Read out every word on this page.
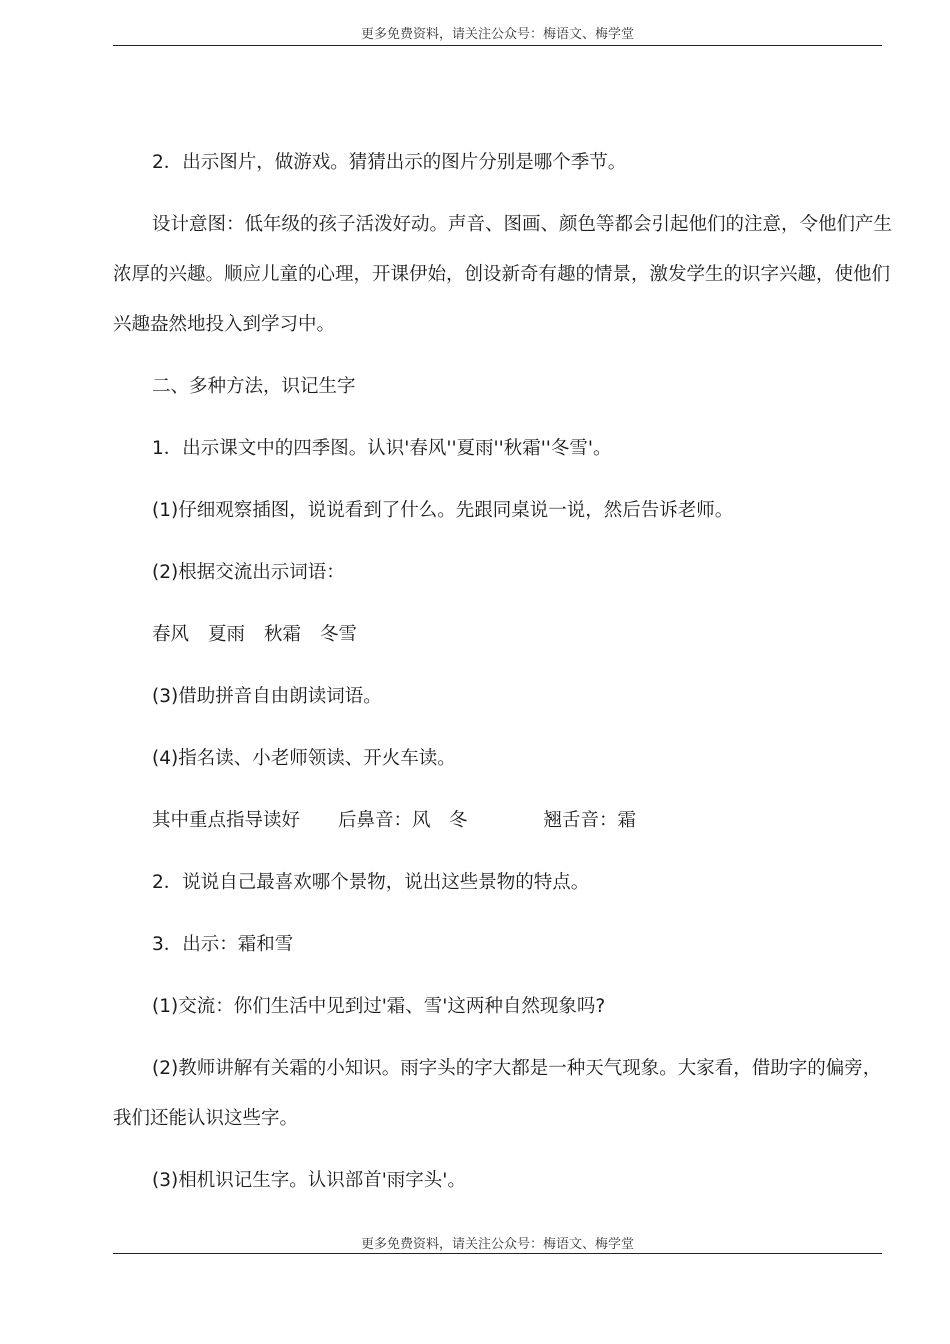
更多免费资料，请关注公众号：梅语文、梅学堂
2．出示图片，做游戏。猜猜出示的图片分别是哪个季节。
设计意图：低年级的孩子活泼好动。声音、图画、颜色等都会引起他们的注意，令他们产生
浓厚的兴趣。顺应儿童的心理，开课伊始，创设新奇有趣的情景，激发学生的识字兴趣，使他们
兴趣盎然地投入到学习中。
二、多种方法，识记生字
1．出示课文中的四季图。认识'春风''夏雨''秋霜''冬雪'。
(1)仔细观察插图，说说看到了什么。先跟同桌说一说，然后告诉老师。
(2)根据交流出示词语：
春风 夏雨 秋霜 冬雪
(3)借助拼音自由朗读词语。
(4)指名读、小老师领读、开火车读。
其中重点指导读好 后鼻音：风　冬	翘舌音：霜
2．说说自己最喜欢哪个景物，说出这些景物的特点。
3．出示：霜和雪
(1)交流：你们生活中见到过'霜、雪'这两种自然现象吗?
(2)教师讲解有关霜的小知识。雨字头的字大都是一种天气现象。大家看，借助字的偏旁，
我们还能认识这些字。
(3)相机识记生字。认识部首'雨字头'。
更多免费资料，请关注公众号：梅语文、梅学堂
